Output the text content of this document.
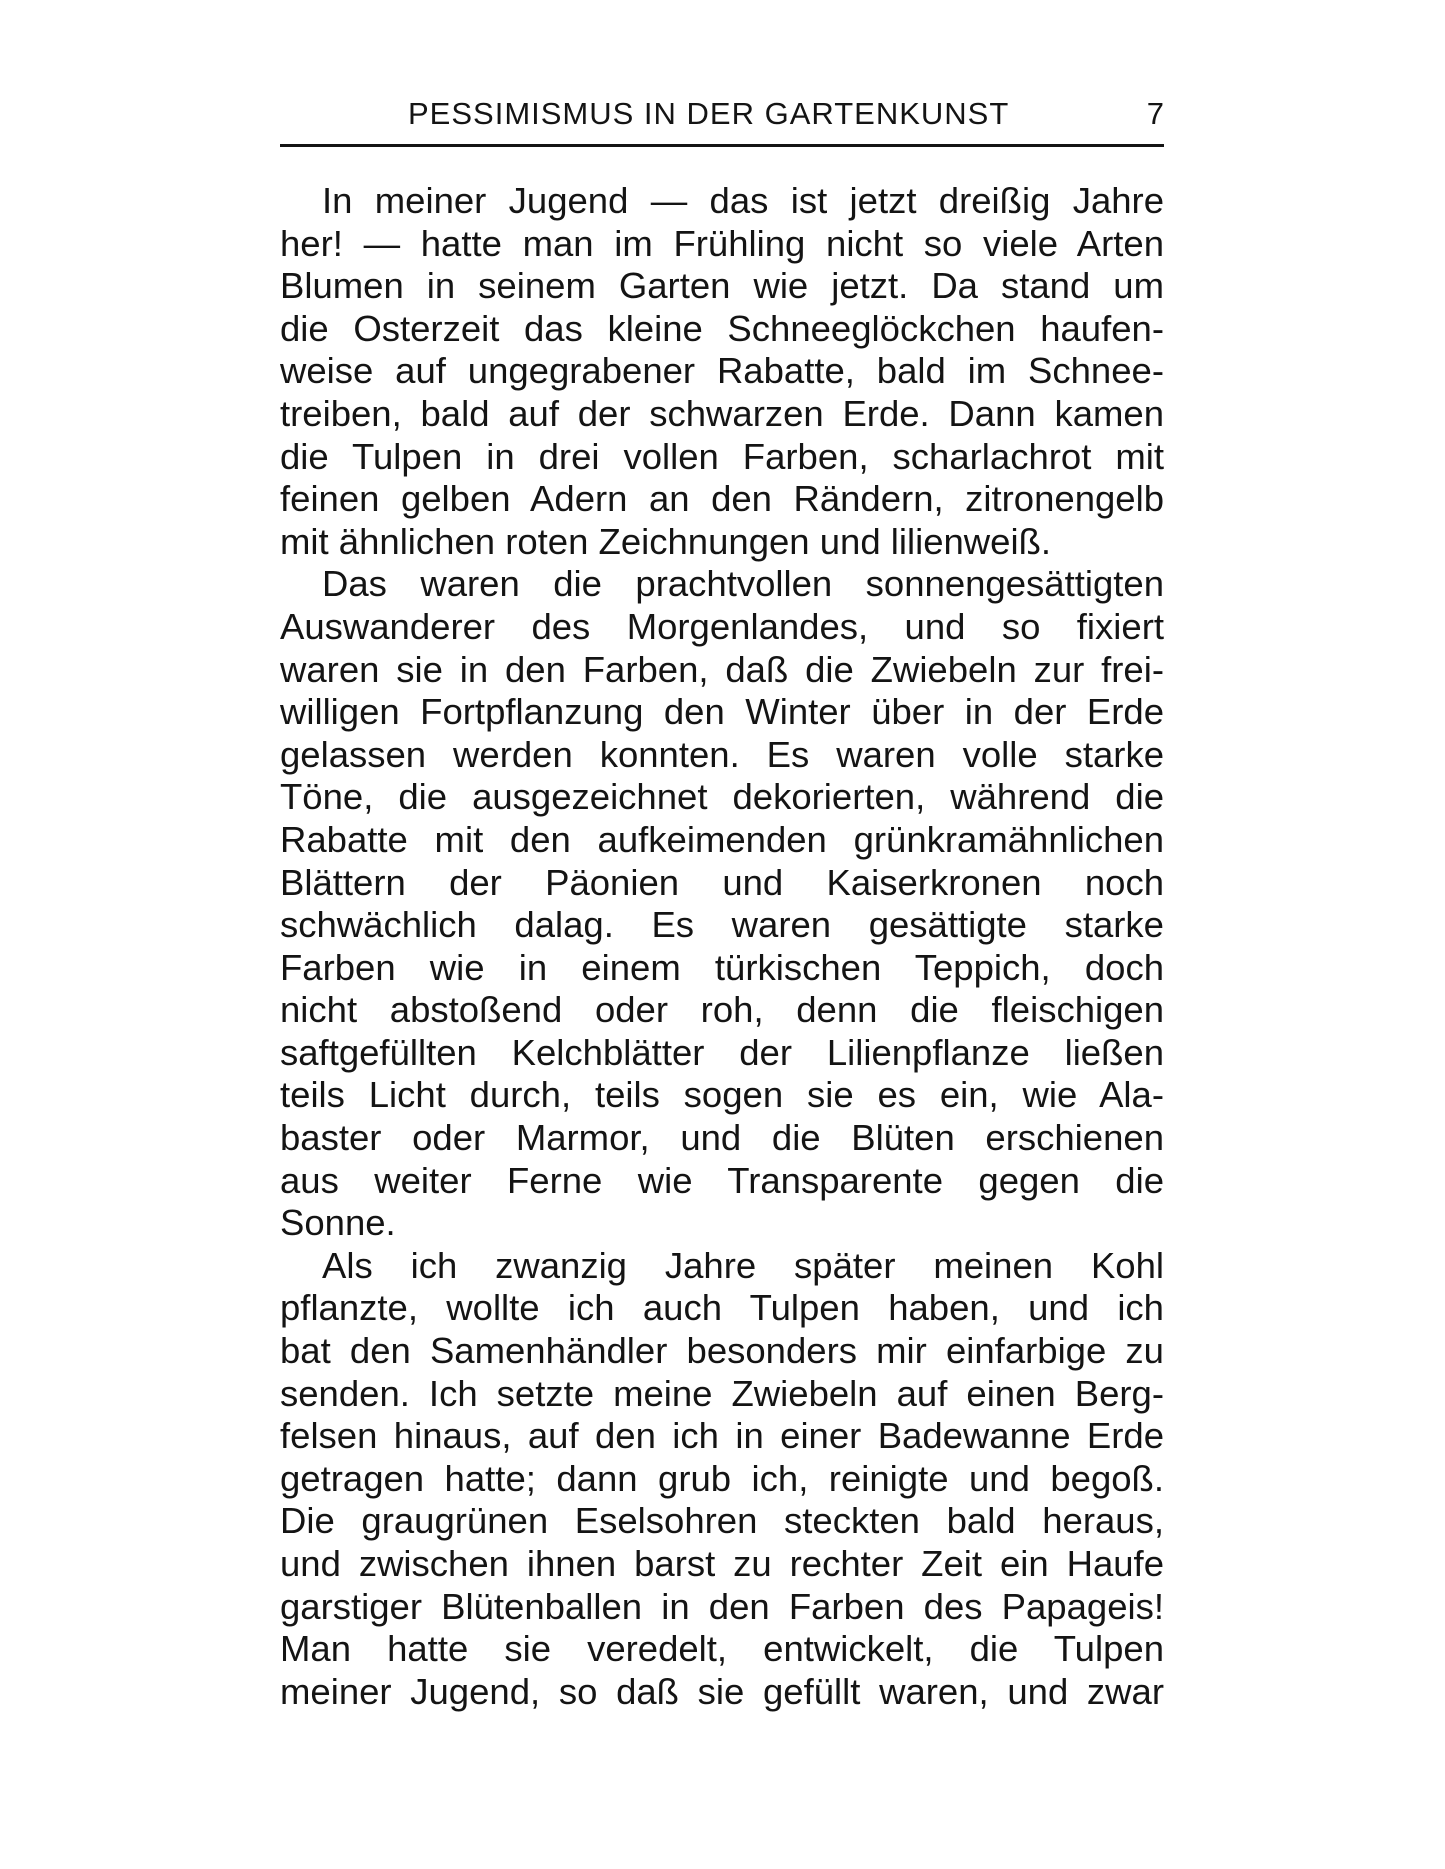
PESSIMISMUS IN DER GARTENKUNST	7
In meiner Jugend — das ist jetzt dreißig Jahre
her! — hatte man im Frühling nicht so viele Arten
Blumen in seinem Garten wie jetzt. Da stand um
die Osterzeit das kleine Schneeglöckchen haufen-
weise auf ungegrabener Rabatte, bald im Schnee-
treiben, bald auf der schwarzen Erde. Dann kamen
die Tulpen in drei vollen Farben, scharlachrot mit
feinen gelben Adern an den Rändern, zitronengelb
mit ähnlichen roten Zeichnungen und lilienweiß.
Das waren die prachtvollen sonnengesättigten
Auswanderer des Morgenlandes, und so fixiert
waren sie in den Farben, daß die Zwiebeln zur frei-
willigen Fortpflanzung den Winter über in der Erde
gelassen werden konnten. Es waren volle starke
Töne, die ausgezeichnet dekorierten, während die
Rabatte mit den aufkeimenden grünkramähnlichen
Blättern der Päonien und Kaiserkronen noch
schwächlich dalag. Es waren gesättigte starke
Farben wie in einem türkischen Teppich, doch
nicht abstoßend oder roh, denn die fleischigen
saftgefüllten Kelchblätter der Lilienpflanze ließen
teils Licht durch, teils sogen sie es ein, wie Ala-
baster oder Marmor, und die Blüten erschienen
aus weiter Ferne wie Transparente gegen die
Sonne.
Als ich zwanzig Jahre später meinen Kohl
pflanzte, wollte ich auch Tulpen haben, und ich
bat den Samenhändler besonders mir einfarbige zu
senden. Ich setzte meine Zwiebeln auf einen Berg-
felsen hinaus, auf den ich in einer Badewanne Erde
getragen hatte; dann grub ich, reinigte und begoß.
Die graugrünen Eselsohren steckten bald heraus,
und zwischen ihnen barst zu rechter Zeit ein Haufe
garstiger Blütenballen in den Farben des Papageis!
Man hatte sie veredelt, entwickelt, die Tulpen
meiner Jugend, so daß sie gefüllt waren, und zwar
